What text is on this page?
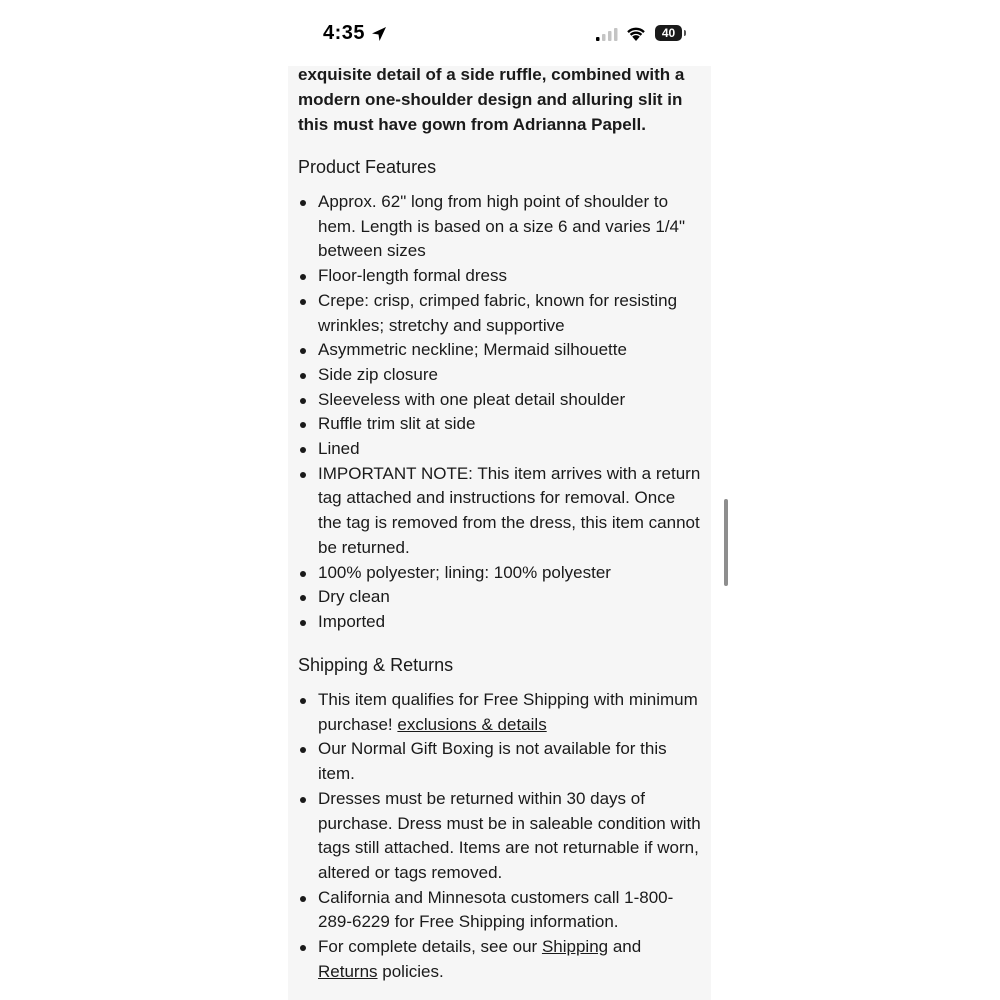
4:35	40

exquisite detail of a side ruffle, combined with a modern one-shoulder design and alluring slit in this must have gown from Adrianna Papell.

Product Features
Approx. 62" long from high point of shoulder to hem. Length is based on a size 6 and varies 1/4" between sizes
Floor-length formal dress
Crepe: crisp, crimped fabric, known for resisting wrinkles; stretchy and supportive
Asymmetric neckline; Mermaid silhouette
Side zip closure
Sleeveless with one pleat detail shoulder
Ruffle trim slit at side
Lined
IMPORTANT NOTE: This item arrives with a return tag attached and instructions for removal. Once the tag is removed from the dress, this item cannot be returned.
100% polyester; lining: 100% polyester
Dry clean
Imported
Shipping & Returns
This item qualifies for Free Shipping with minimum purchase! exclusions & details
Our Normal Gift Boxing is not available for this item.
Dresses must be returned within 30 days of purchase. Dress must be in saleable condition with tags still attached. Items are not returnable if worn, altered or tags removed.
California and Minnesota customers call 1-800-289-6229 for Free Shipping information.
For complete details, see our Shipping and Returns policies.
